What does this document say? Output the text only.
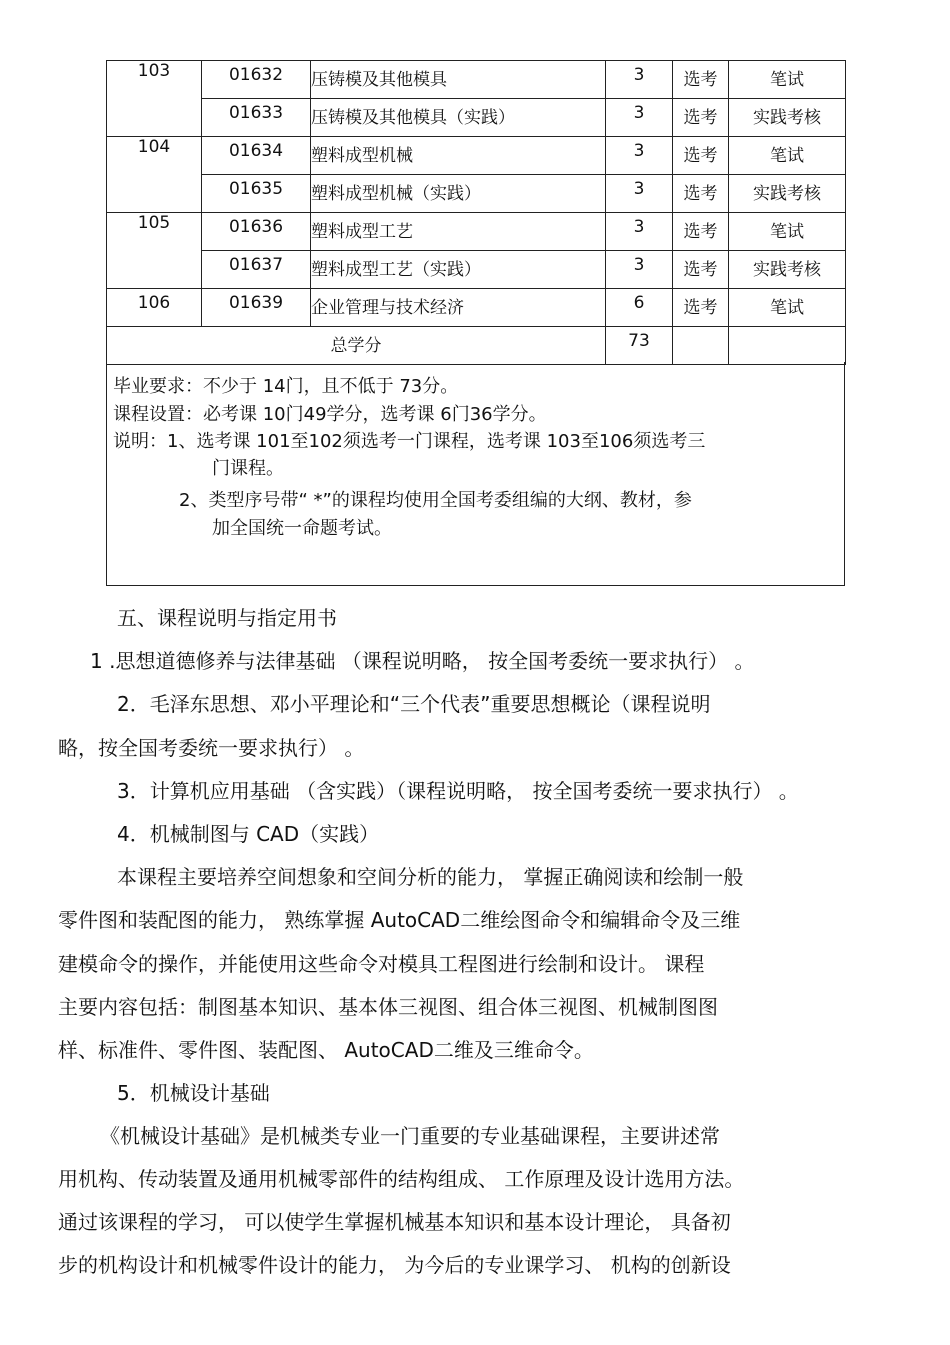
103	01632	压铸模及其他模具	3	选考	笔试

	01633	压铸模及其他模具（实践）	3	选考	实践考核

104	01634	塑料成型机械	3	选考	笔试

	01635	塑料成型机械（实践）	3	选考	实践考核

105	01636	塑料成型工艺	3	选考	笔试

	01637	塑料成型工艺（实践）	3	选考	实践考核

106	01639	企业管理与技术经济	6	选考	笔试

总学分			73		

毕业要求：不少于 14门，且不低于 73分。
课程设置：必考课 10门49学分，选考课 6门36学分。
说明：1、选考课 101至102须选考一门课程，选考课 103至106须选考三
门课程。
2、类型序号带“ *”的课程均使用全国考委组编的大纲、教材，参
加全国统一命题考试。
五、课程说明与指定用书
1 .思想道德修养与法律基础 （课程说明略， 按全国考委统一要求执行） 。
2．毛泽东思想、邓小平理论和“三个代表”重要思想概论（课程说明
略，按全国考委统一要求执行） 。
3．计算机应用基础 （含实践）（课程说明略， 按全国考委统一要求执行） 。
4．机械制图与 CAD（实践）
本课程主要培养空间想象和空间分析的能力， 掌握正确阅读和绘制一般
零件图和装配图的能力， 熟练掌握 AutoCAD二维绘图命令和编辑命令及三维
建模命令的操作，并能使用这些命令对模具工程图进行绘制和设计。 课程
主要内容包括：制图基本知识、基本体三视图、组合体三视图、机械制图图
样、标准件、零件图、装配图、 AutoCAD二维及三维命令。
5．机械设计基础
《机械设计基础》是机械类专业一门重要的专业基础课程，主要讲述常
用机构、传动装置及通用机械零部件的结构组成、 工作原理及设计选用方法。
通过该课程的学习， 可以使学生掌握机械基本知识和基本设计理论， 具备初
步的机构设计和机械零件设计的能力， 为今后的专业课学习、 机构的创新设
